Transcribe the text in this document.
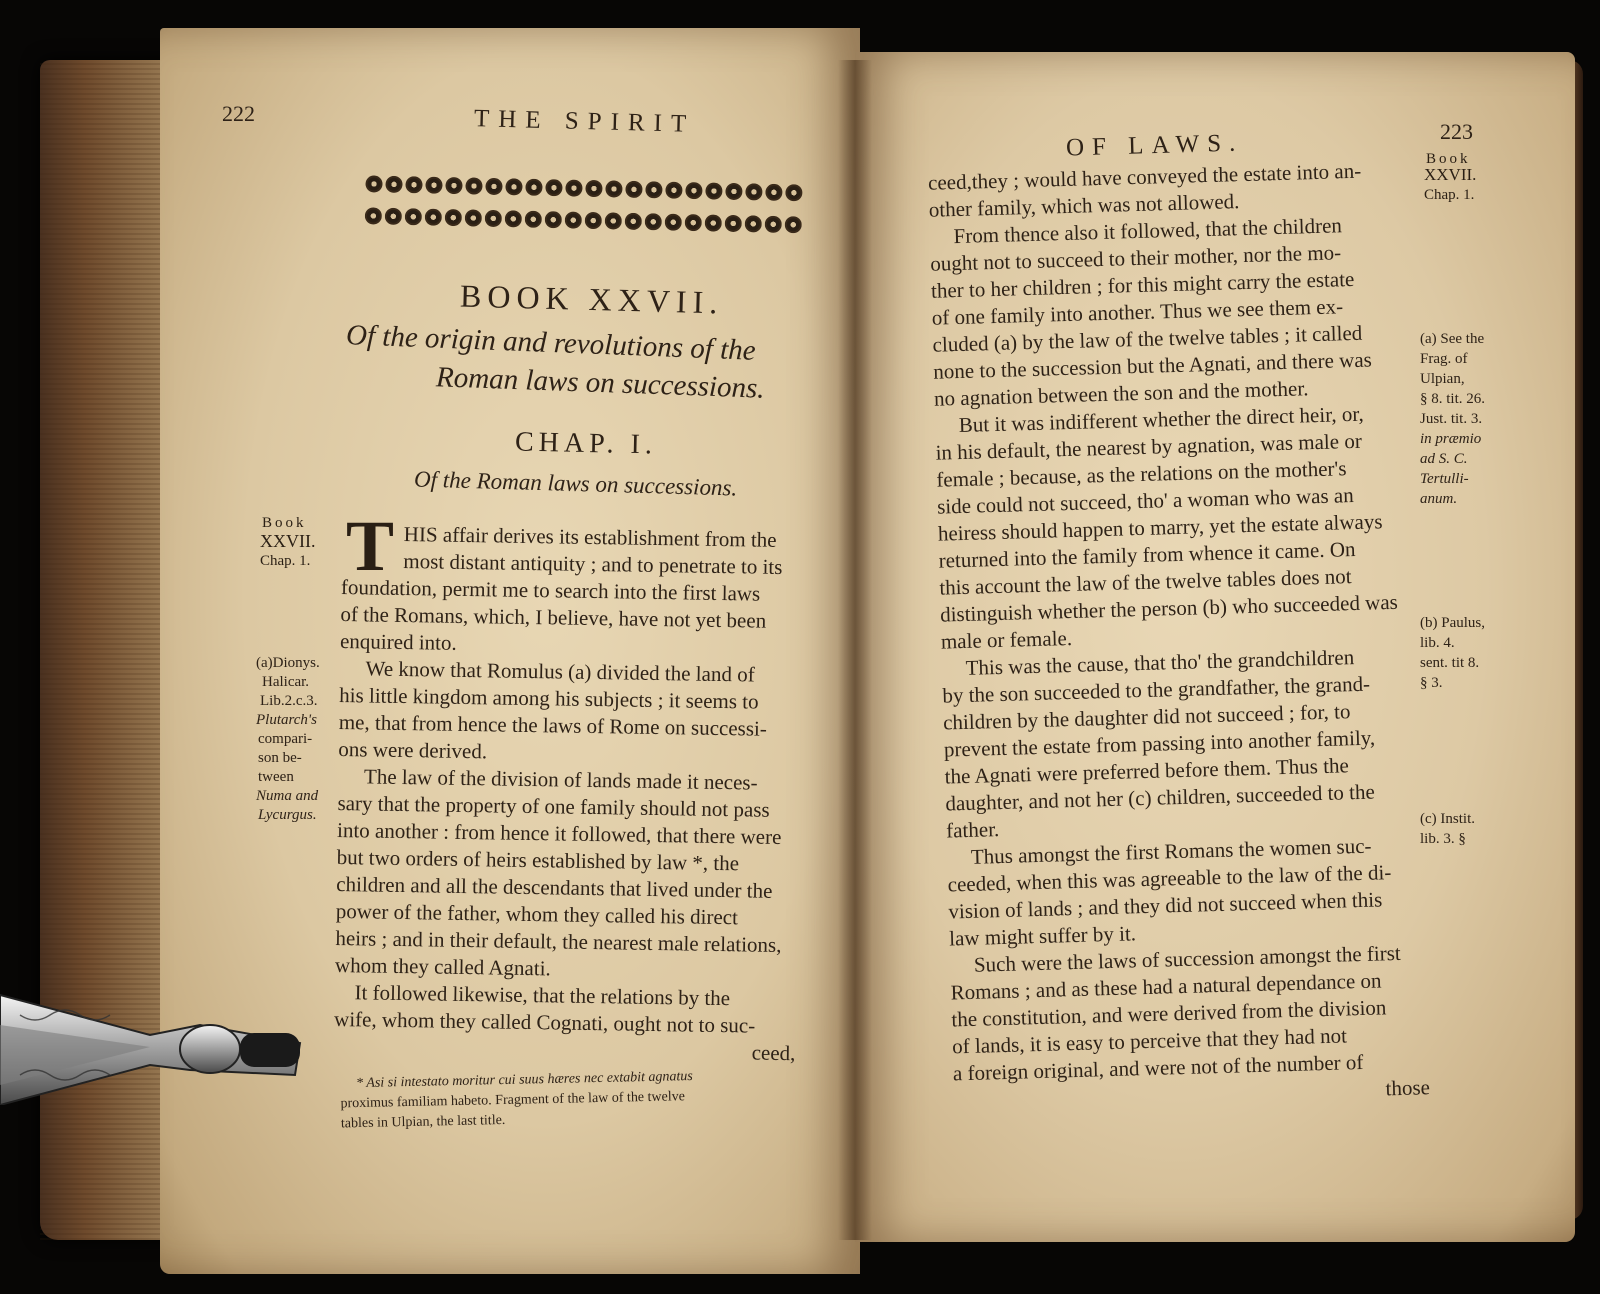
222	THE SPIRIT
BOOK XXVII.
Of the origin and revolutions of the
Roman laws on successions.
CHAP. I.
Of the Roman laws on successions.
Book
XXVII.
Chap. 1. T HIS affair derives its establishment from the
most distant antiquity ; and to penetrate to its
foundation, permit me to search into the first laws
of the Romans, which, I believe, have not yet been
enquired into.
We know that Romulus (a) divided the land of
his little kingdom among his subjects ; it seems to
me, that from hence the laws of Rome on successi-
ons were derived.
The law of the division of lands made it neces-
sary that the property of one family should not pass
into another : from hence it followed, that there were
but two orders of heirs established by law *, the
children and all the descendants that lived under the
power of the father, whom they called his direct
heirs ; and in their default, the nearest male relations,
whom they called Agnati.
It followed likewise, that the relations by the
wife, whom they called Cognati, ought not to suc-
ceed,
(a)Dionys.
Halicar.
Lib.2.c.3.
Plutarch's
compari-
son be-
tween
Numa and
Lycurgus.
* Asi si intestato moritur cui suus hæres nec extabit agnatus
proximus familiam habeto. Fragment of the law of the twelve
tables in Ulpian, the last title.
OF LAWS.	223
Book
XXVII.
Chap. 1.
ceed,they ; would have conveyed the estate into an-
other family, which was not allowed.
From thence also it followed, that the children
ought not to succeed to their mother, nor the mo-
ther to her children ; for this might carry the estate
of one family into another. Thus we see them ex-
cluded (a) by the law of the twelve tables ; it called
none to the succession but the Agnati, and there was
no agnation between the son and the mother.
But it was indifferent whether the direct heir, or,
in his default, the nearest by agnation, was male or
female ; because, as the relations on the mother's
side could not succeed, tho' a woman who was an
heiress should happen to marry, yet the estate always
returned into the family from whence it came. On
this account the law of the twelve tables does not
distinguish whether the person (b) who succeeded was
male or female.
This was the cause, that tho' the grandchildren
by the son succeeded to the grandfather, the grand-
children by the daughter did not succeed ; for, to
prevent the estate from passing into another family,
the Agnati were preferred before them. Thus the
daughter, and not her (c) children, succeeded to the
father.
Thus amongst the first Romans the women suc-
ceeded, when this was agreeable to the law of the di-
vision of lands ; and they did not succeed when this
law might suffer by it.
Such were the laws of succession amongst the first
Romans ; and as these had a natural dependance on
the constitution, and were derived from the division
of lands, it is easy to perceive that they had not
a foreign original, and were not of the number of
those
(a) See the
Frag. of
Ulpian,
§ 8. tit. 26.
Just. tit. 3.
in præmio
ad S. C.
Tertulli-
anum.
(b) Paulus,
lib. 4.
sent. tit 8.
§ 3.
(c) Instit.
lib. 3. §
